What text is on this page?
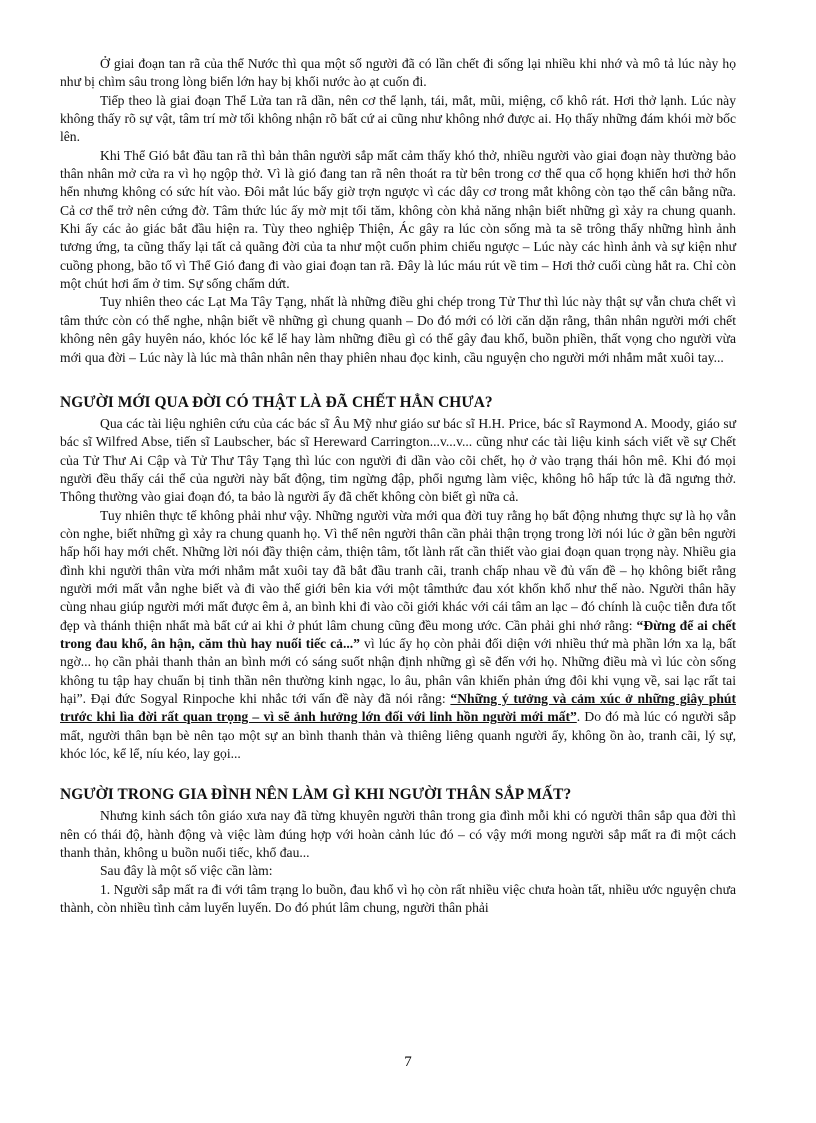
Ở giai đoạn tan rã của thể Nước thì qua một số người đã có lần chết đi sống lại nhiều khi nhớ và mô tả lúc này họ như bị chìm sâu trong lòng biển lớn hay bị khối nước ào ạt cuốn đi.

Tiếp theo là giai đoạn Thể Lửa tan rã dần, nên cơ thể lạnh, tái, mắt, mũi, miệng, cổ khô rát. Hơi thở lạnh. Lúc này không thấy rõ sự vật, tâm trí mờ tối không nhận rõ bất cứ ai cũng như không nhớ được ai. Họ thấy những đám khói mờ bốc lên.

Khi Thể Gió bắt đầu tan rã thì bản thân người sắp mất cảm thấy khó thở, nhiều người vào giai đoạn này thường bảo thân nhân mở cửa ra vì họ ngộp thở. Vì là gió đang tan rã nên thoát ra từ bên trong cơ thể qua cổ họng khiến hơi thở hổn hển nhưng không có sức hít vào. Đôi mắt lúc bấy giờ trợn ngược vì các dây cơ trong mắt không còn tạo thế cân bằng nữa. Cả cơ thể trở nên cứng đờ. Tâm thức lúc ấy mờ mịt tối tăm, không còn khả năng nhận biết những gì xảy ra chung quanh. Khi ấy các ảo giác bắt đầu hiện ra. Tùy theo nghiệp Thiện, Ác gây ra lúc còn sống mà ta sẽ trông thấy những hình ảnh tương ứng, ta cũng thấy lại tất cả quãng đời của ta như một cuốn phim chiếu ngược – Lúc này các hình ảnh và sự kiện như cuồng phong, bão tố vì Thể Gió đang đi vào giai đoạn tan rã. Đây là lúc máu rút về tim – Hơi thở cuối cùng hắt ra. Chỉ còn một chút hơi ấm ở tim. Sự sống chấm dứt.

Tuy nhiên theo các Lạt Ma Tây Tạng, nhất là những điều ghi chép trong Tử Thư thì lúc này thật sự vẫn chưa chết vì tâm thức còn có thể nghe, nhận biết về những gì chung quanh – Do đó mới có lời căn dặn rằng, thân nhân người mới chết không nên gây huyên náo, khóc lóc kể lể hay làm những điều gì có thể gây đau khổ, buồn phiền, thất vọng cho người vừa mới qua đời – Lúc này là lúc mà thân nhân nên thay phiên nhau đọc kinh, cầu nguyện cho người mới nhắm mắt xuôi tay...

NGƯỜI MỚI QUA ĐỜI CÓ THẬT LÀ ĐÃ CHẾT HẲN CHƯA?

Qua các tài liệu nghiên cứu của các bác sĩ Âu Mỹ như giáo sư bác sĩ H.H. Price, bác sĩ Raymond A. Moody, giáo sư bác sĩ Wilfred Abse, tiến sĩ Laubscher, bác sĩ Hereward Carrington...v...v... cũng như các tài liệu kinh sách viết về sự Chết của Tử Thư Ai Cập và Tử Thư Tây Tạng thì lúc con người đi dần vào cõi chết, họ ở vào trạng thái hôn mê. Khi đó mọi người đều thấy cái thể của người này bất động, tim ngừng đập, phổi ngưng làm việc, không hô hấp tức là đã ngưng thở. Thông thường vào giai đoạn đó, ta bảo là người ấy đã chết không còn biết gì nữa cả.

Tuy nhiên thực tế không phải như vậy. Những người vừa mới qua đời tuy rằng họ bất động nhưng thực sự là họ vẫn còn nghe, biết những gì xảy ra chung quanh họ. Vì thế nên người thân cần phải thận trọng trong lời nói lúc ở gần bên người hấp hối hay mới chết. Những lời nói đầy thiện cảm, thiện tâm, tốt lành rất cần thiết vào giai đoạn quan trọng này. Nhiều gia đình khi người thân vừa mới nhắm mắt xuôi tay đã bắt đầu tranh cãi, tranh chấp nhau về đủ vấn đề – họ không biết rằng người mới mất vẫn nghe biết và đi vào thế giới bên kia với một tâmthức đau xót khốn khổ như thế nào. Người thân hãy cùng nhau giúp người mới mất được êm ả, an bình khi đi vào cõi giới khác với cái tâm an lạc – đó chính là cuộc tiễn đưa tốt đẹp và thánh thiện nhất mà bất cứ ai khi ở phút lâm chung cũng đều mong ước. Cần phải ghi nhớ rằng: “Đừng để ai chết trong đau khổ, ân hận, căm thù hay nuối tiếc cả...” vì lúc ấy họ còn phải đối diện với nhiều thứ mà phần lớn xa lạ, bất ngờ... họ cần phải thanh thản an bình mới có sáng suốt nhận định những gì sẽ đến với họ. Những điều mà vì lúc còn sống không tu tập hay chuẩn bị tinh thần nên thường kinh ngạc, lo âu, phân vân khiến phản ứng đôi khi vụng về, sai lạc rất tai hại”. Đại đức Sogyal Rinpoche khi nhắc tới vấn đề này đã nói rằng: “Những ý tưởng và cảm xúc ở những giây phút trước khi lìa đời rất quan trọng – vì sẽ ảnh hưởng lớn đối với linh hồn người mới mất”. Do đó mà lúc có người sắp mất, người thân bạn bè nên tạo một sự an bình thanh thản và thiêng liêng quanh người ấy, không ồn ào, tranh cãi, lý sự, khóc lóc, kể lể, níu kéo, lay gọi...

NGƯỜI TRONG GIA ĐÌNH NÊN LÀM GÌ KHI NGƯỜI THÂN SẮP MẤT?

Nhưng kinh sách tôn giáo xưa nay đã từng khuyên người thân trong gia đình mỗi khi có người thân sắp qua đời thì nên có thái độ, hành động và việc làm đúng hợp với hoàn cảnh lúc đó – có vậy mới mong người sắp mất ra đi một cách thanh thản, không u buồn nuối tiếc, khổ đau...

Sau đây là một số việc cần làm:

1. Người sắp mất ra đi với tâm trạng lo buồn, đau khổ vì họ còn rất nhiều việc chưa hoàn tất, nhiều ước nguyện chưa thành, còn nhiều tình cảm luyến luyến. Do đó phút lâm chung, người thân phải

7
